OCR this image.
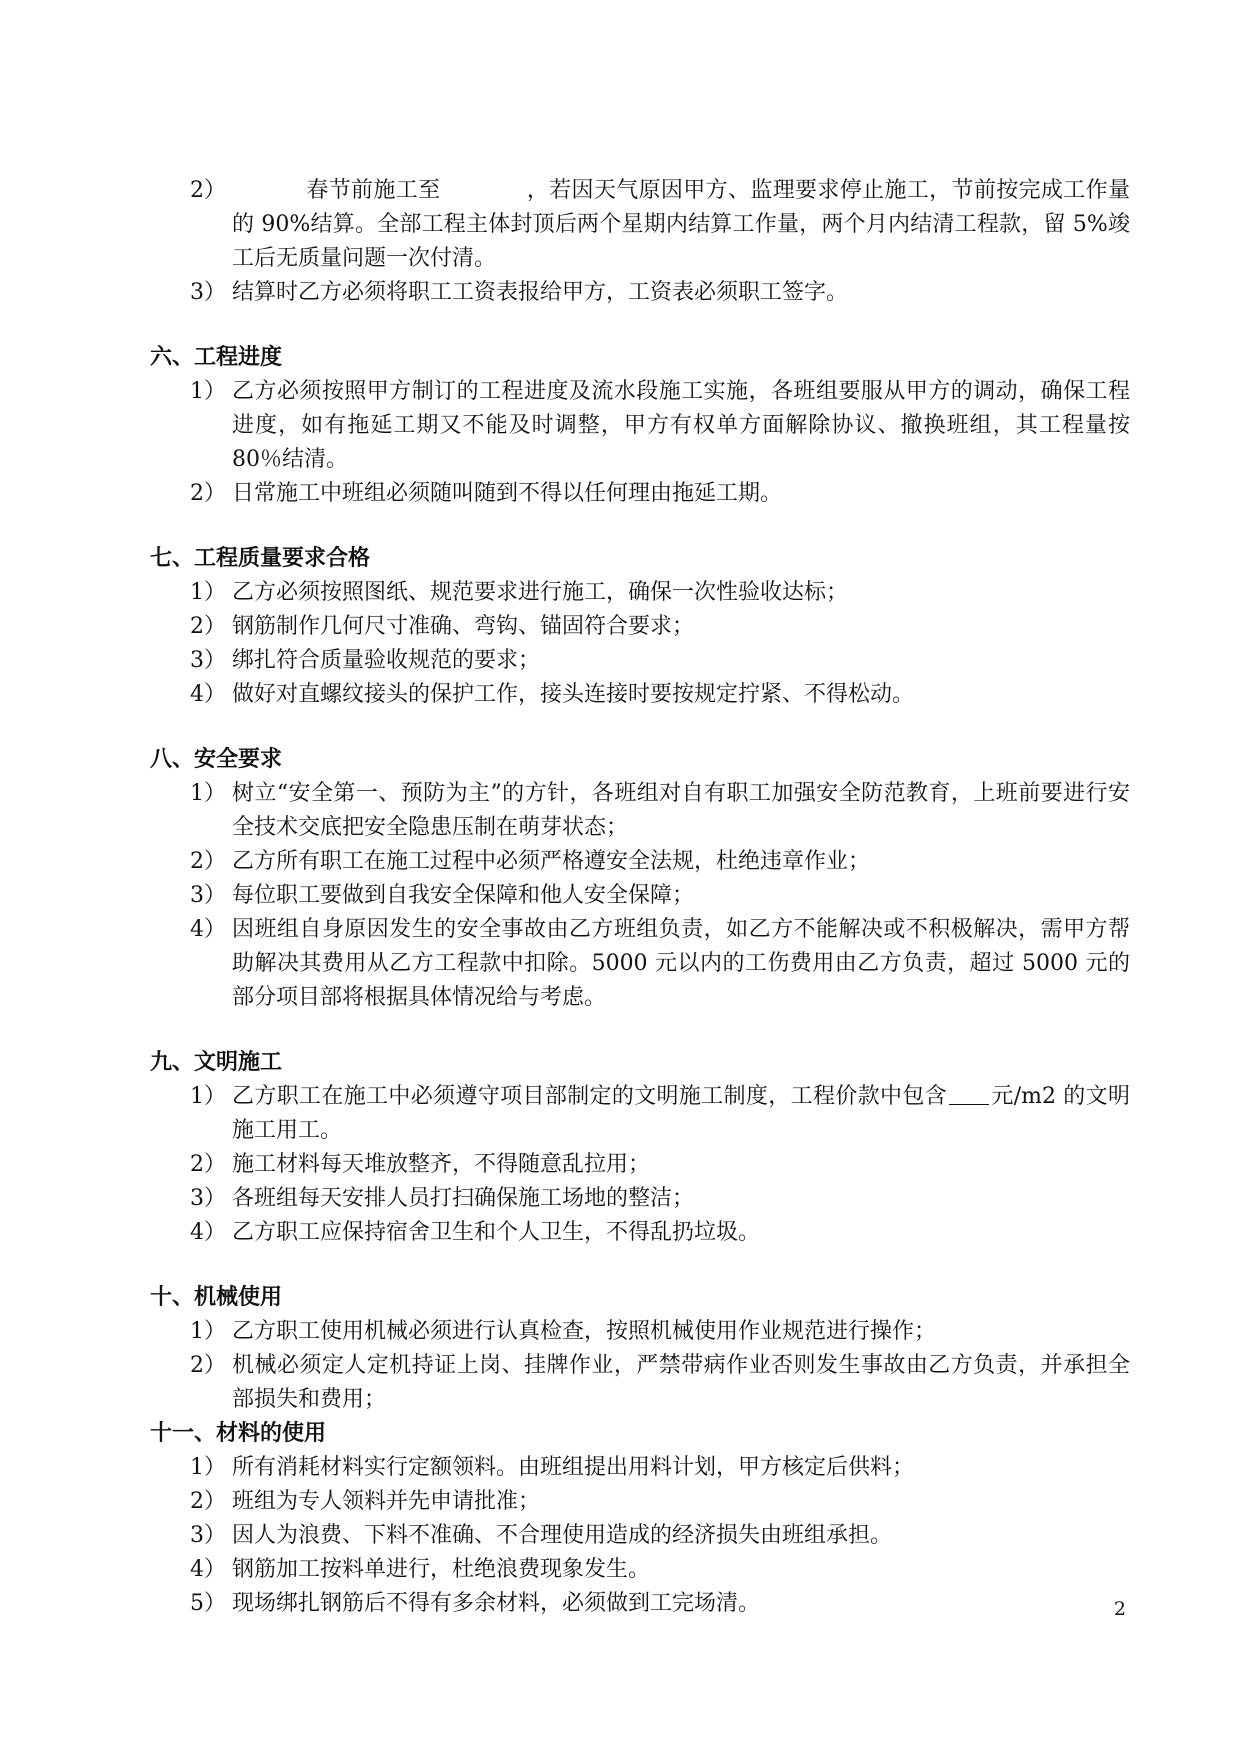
2）	春节前施工至	，若因天气原因甲方、监理要求停止施工，节前按完成工作量的 90%结算。全部工程主体封顶后两个星期内结算工作量，两个月内结清工程款，留 5%竣工后无质量问题一次付清。
3） 结算时乙方必须将职工工资表报给甲方，工资表必须职工签字。
六、工程进度
1） 乙方必须按照甲方制订的工程进度及流水段施工实施，各班组要服从甲方的调动，确保工程进度，如有拖延工期又不能及时调整，甲方有权单方面解除协议、撤换班组，其工程量按 80％结清。
2） 日常施工中班组必须随叫随到不得以任何理由拖延工期。
七、工程质量要求合格
1） 乙方必须按照图纸、规范要求进行施工，确保一次性验收达标；
2） 钢筋制作几何尺寸准确、弯钩、锚固符合要求；
3） 绑扎符合质量验收规范的要求；
4） 做好对直螺纹接头的保护工作，接头连接时要按规定拧紧、不得松动。
八、安全要求
1） 树立“安全第一、预防为主”的方针，各班组对自有职工加强安全防范教育，上班前要进行安全技术交底把安全隐患压制在萌芽状态；
2） 乙方所有职工在施工过程中必须严格遵安全法规，杜绝违章作业；
3） 每位职工要做到自我安全保障和他人安全保障；
4） 因班组自身原因发生的安全事故由乙方班组负责，如乙方不能解决或不积极解决，需甲方帮助解决其费用从乙方工程款中扣除。5000 元以内的工伤费用由乙方负责，超过 5000 元的部分项目部将根据具体情况给与考虑。
九、文明施工
1） 乙方职工在施工中必须遵守项目部制定的文明施工制度，工程价款中包含 元/m2 的文明施工用工。
2） 施工材料每天堆放整齐，不得随意乱拉用；
3） 各班组每天安排人员打扫确保施工场地的整洁；
4） 乙方职工应保持宿舍卫生和个人卫生，不得乱扔垃圾。
十、机械使用
1） 乙方职工使用机械必须进行认真检查，按照机械使用作业规范进行操作；
2） 机械必须定人定机持证上岗、挂牌作业，严禁带病作业否则发生事故由乙方负责，并承担全部损失和费用；
十一、材料的使用
1） 所有消耗材料实行定额领料。由班组提出用料计划，甲方核定后供料；
2） 班组为专人领料并先申请批准；
3） 因人为浪费、下料不准确、不合理使用造成的经济损失由班组承担。
4） 钢筋加工按料单进行，杜绝浪费现象发生。
5） 现场绑扎钢筋后不得有多余材料，必须做到工完场清。	2
